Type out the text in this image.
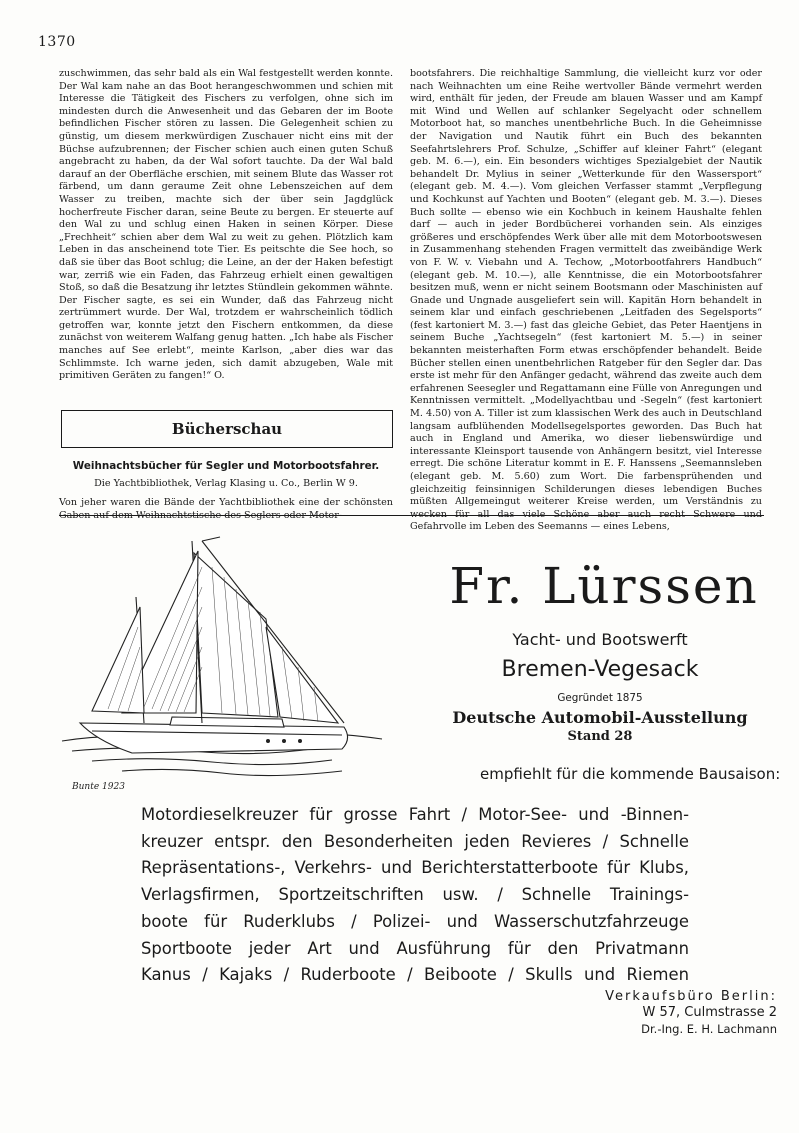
1370

zuschwimmen, das sehr bald als ein Wal festgestellt werden konnte. Der Wal kam nahe an das Boot herangeschwommen und schien mit Interesse die Tätigkeit des Fischers zu verfolgen, ohne sich im mindesten durch die Anwesenheit und das Gebaren der im Boote befindlichen Fischer stören zu lassen. Die Gelegenheit schien zu günstig, um diesem merkwürdigen Zuschauer nicht eins mit der Büchse aufzubrennen; der Fischer schien auch einen guten Schuß angebracht zu haben, da der Wal sofort tauchte. Da der Wal bald darauf an der Oberfläche erschien, mit seinem Blute das Wasser rot färbend, um dann geraume Zeit ohne Lebenszeichen auf dem Wasser zu treiben, machte sich der über sein Jagdglück hocherfreute Fischer daran, seine Beute zu bergen. Er steuerte auf den Wal zu und schlug einen Haken in seinen Körper. Diese „Frechheit“ schien aber dem Wal zu weit zu gehen. Plötzlich kam Leben in das anscheinend tote Tier. Es peitschte die See hoch, so daß sie über das Boot schlug; die Leine, an der der Haken befestigt war, zerriß wie ein Faden, das Fahrzeug erhielt einen gewaltigen Stoß, so daß die Besatzung ihr letztes Stündlein gekommen wähnte. Der Fischer sagte, es sei ein Wunder, daß das Fahrzeug nicht zertrümmert wurde. Der Wal, trotzdem er wahrscheinlich tödlich getroffen war, konnte jetzt den Fischern entkommen, da diese zunächst von weiterem Walfang genug hatten. „Ich habe als Fischer manches auf See erlebt“, meinte Karlson, „aber dies war das Schlimmste. Ich warne jeden, sich damit abzugeben, Wale mit primitiven Geräten zu fangen!“ O.

Bücherschau
Weihnachtsbücher für Segler und Motorbootsfahrer.
Die Yachtbibliothek, Verlag Klasing u. Co., Berlin W 9.

Von jeher waren die Bände der Yachtbibliothek eine der schönsten Gaben auf dem Weihnachtstische des Seglers oder Motor-

bootsfahrers. Die reichhaltige Sammlung, die vielleicht kurz vor oder nach Weihnachten um eine Reihe wertvoller Bände vermehrt werden wird, enthält für jeden, der Freude am blauen Wasser und am Kampf mit Wind und Wellen auf schlanker Segelyacht oder schnellem Motorboot hat, so manches unentbehrliche Buch. In die Geheimnisse der Navigation und Nautik führt ein Buch des bekannten Seefahrtslehrers Prof. Schulze, „Schiffer auf kleiner Fahrt“ (elegant geb. M. 6.—), ein. Ein besonders wichtiges Spezialgebiet der Nautik behandelt Dr. Mylius in seiner „Wetterkunde für den Wassersport“ (elegant geb. M. 4.—). Vom gleichen Verfasser stammt „Verpflegung und Kochkunst auf Yachten und Booten“ (elegant geb. M. 3.—). Dieses Buch sollte — ebenso wie ein Kochbuch in keinem Haushalte fehlen darf — auch in jeder Bordbücherei vorhanden sein. Als einziges größeres und erschöpfendes Werk über alle mit dem Motorbootswesen in Zusammenhang stehenden Fragen vermittelt das zweibändige Werk von F. W. v. Viebahn und A. Techow, „Motorbootfahrers Handbuch“ (elegant geb. M. 10.—), alle Kenntnisse, die ein Motorbootsfahrer besitzen muß, wenn er nicht seinem Bootsmann oder Maschinisten auf Gnade und Ungnade ausgeliefert sein will. Kapitän Horn behandelt in seinem klar und einfach geschriebenen „Leitfaden des Segelsports“ (fest kartoniert M. 3.—) fast das gleiche Gebiet, das Peter Haentjens in seinem Buche „Yachtsegeln“ (fest kartoniert M. 5.—) in seiner bekannten meisterhaften Form etwas erschöpfender behandelt. Beide Bücher stellen einen unentbehrlichen Ratgeber für den Segler dar. Das erste ist mehr für den Anfänger gedacht, während das zweite auch dem erfahrenen Seesegler und Regattamann eine Fülle von Anregungen und Kenntnissen vermittelt. „Modellyachtbau und -Segeln“ (fest kartoniert M. 4.50) von A. Tiller ist zum klassischen Werk des auch in Deutschland langsam aufblühenden Modellsegelsportes geworden. Das Buch hat auch in England und Amerika, wo dieser liebenswürdige und interessante Kleinsport tausende von Anhängern besitzt, viel Interesse erregt. Die schöne Literatur kommt in E. F. Hanssens „Seemannsleben (elegant geb. M. 5.60) zum Wort. Die farbensprühenden und gleichzeitig feinsinnigen Schilderungen dieses lebendigen Buches müßten Allgemeingut weiterer Kreise werden, um Verständnis zu wecken für all das viele Schöne aber auch recht Schwere und Gefahrvolle im Leben des Seemanns — eines Lebens,

Bunte 1923
Fr. Lürssen
Yacht- und Bootswerft
Bremen-Vegesack
Gegründet 1875
Deutsche Automobil-Ausstellung
Stand 28
empfiehlt für die kommende Bausaison:
Motordieselkreuzer für grosse Fahrt / Motor-See- und -Binnen-
kreuzer entspr. den Besonderheiten jeden Revieres / Schnelle
Repräsentations-, Verkehrs- und Berichterstatterboote für Klubs,
Verlagsfirmen, Sportzeitschriften usw. / Schnelle Trainings-
boote für Ruderklubs / Polizei- und Wasserschutzfahrzeuge
Sportboote jeder Art und Ausführung für den Privatmann
Kanus / Kajaks / Ruderboote / Beiboote / Skulls und Riemen
Verkaufsbüro Berlin:
W 57, Culmstrasse 2
Dr.-Ing. E. H. Lachmann
